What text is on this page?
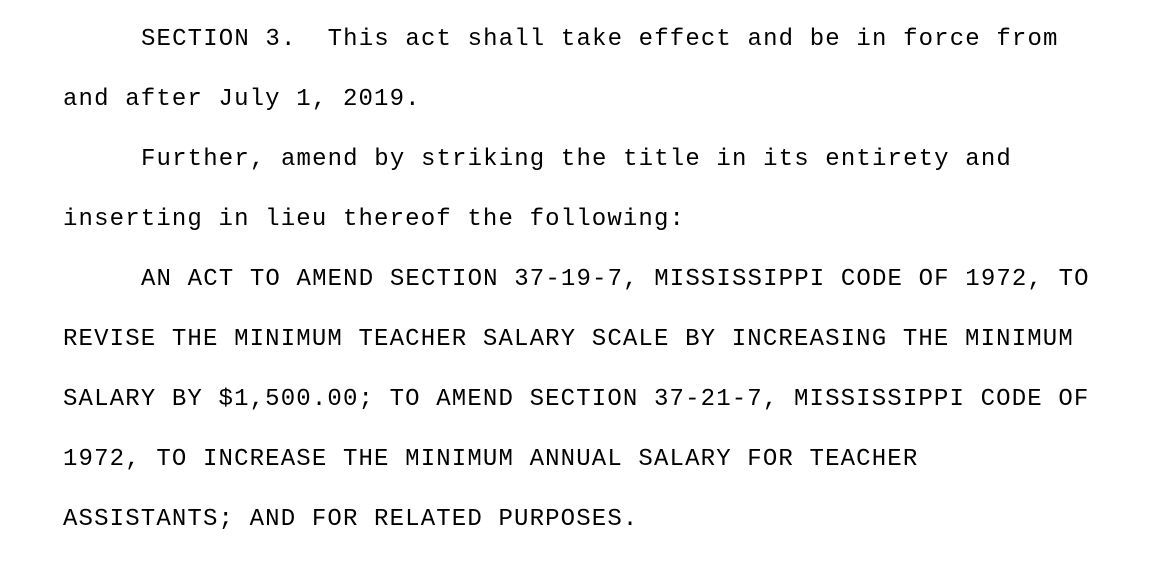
SECTION 3.  This act shall take effect and be in force from
and after July 1, 2019.
Further, amend by striking the title in its entirety and
inserting in lieu thereof the following:
AN ACT TO AMEND SECTION 37-19-7, MISSISSIPPI CODE OF 1972, TO
REVISE THE MINIMUM TEACHER SALARY SCALE BY INCREASING THE MINIMUM
SALARY BY $1,500.00; TO AMEND SECTION 37-21-7, MISSISSIPPI CODE OF
1972, TO INCREASE THE MINIMUM ANNUAL SALARY FOR TEACHER
ASSISTANTS; AND FOR RELATED PURPOSES.
